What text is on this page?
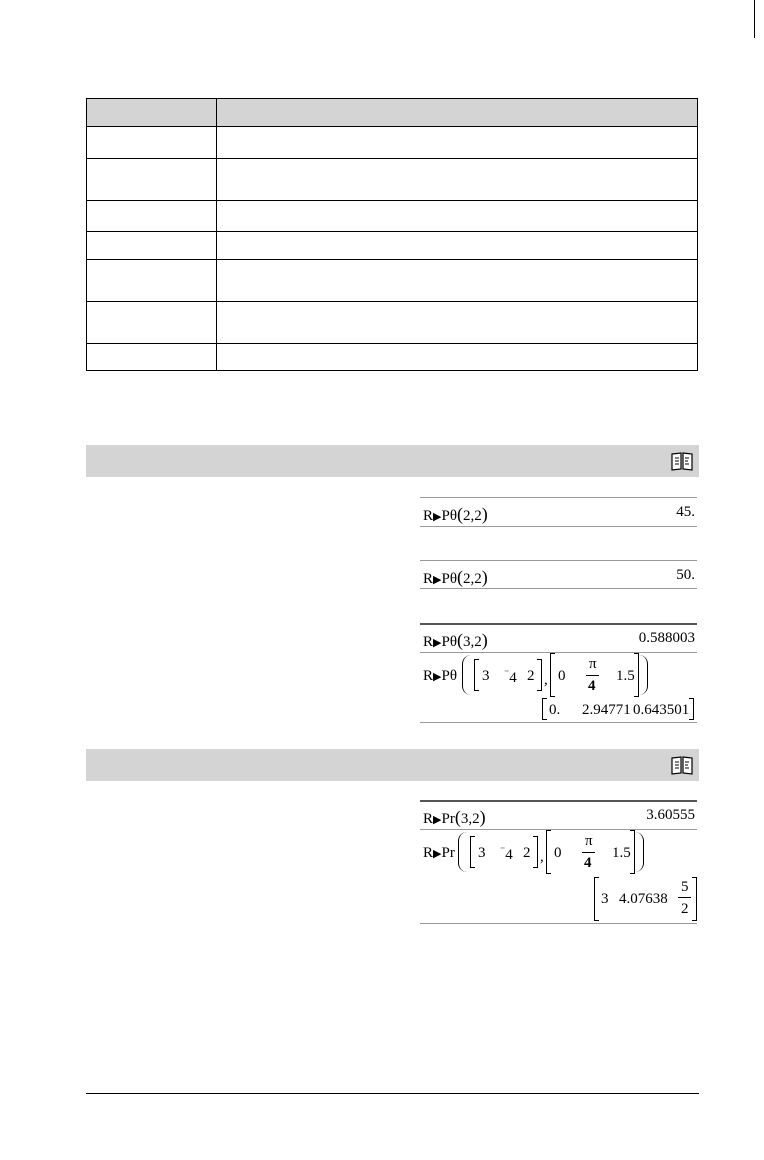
R▶Pθ(2,2)	45.
R▶Pθ(2,2)	50.
R▶Pθ(3,2)	0.588003
R▶Pθ 3 ⁻4 2 , 0
π
4
1.5
0. 2.94771 0.643501
R▶Pr(3,2)	3.60555
R▶Pr 3 ⁻4 2 , 0
π
4
1.5
3 4.07638
5
2
